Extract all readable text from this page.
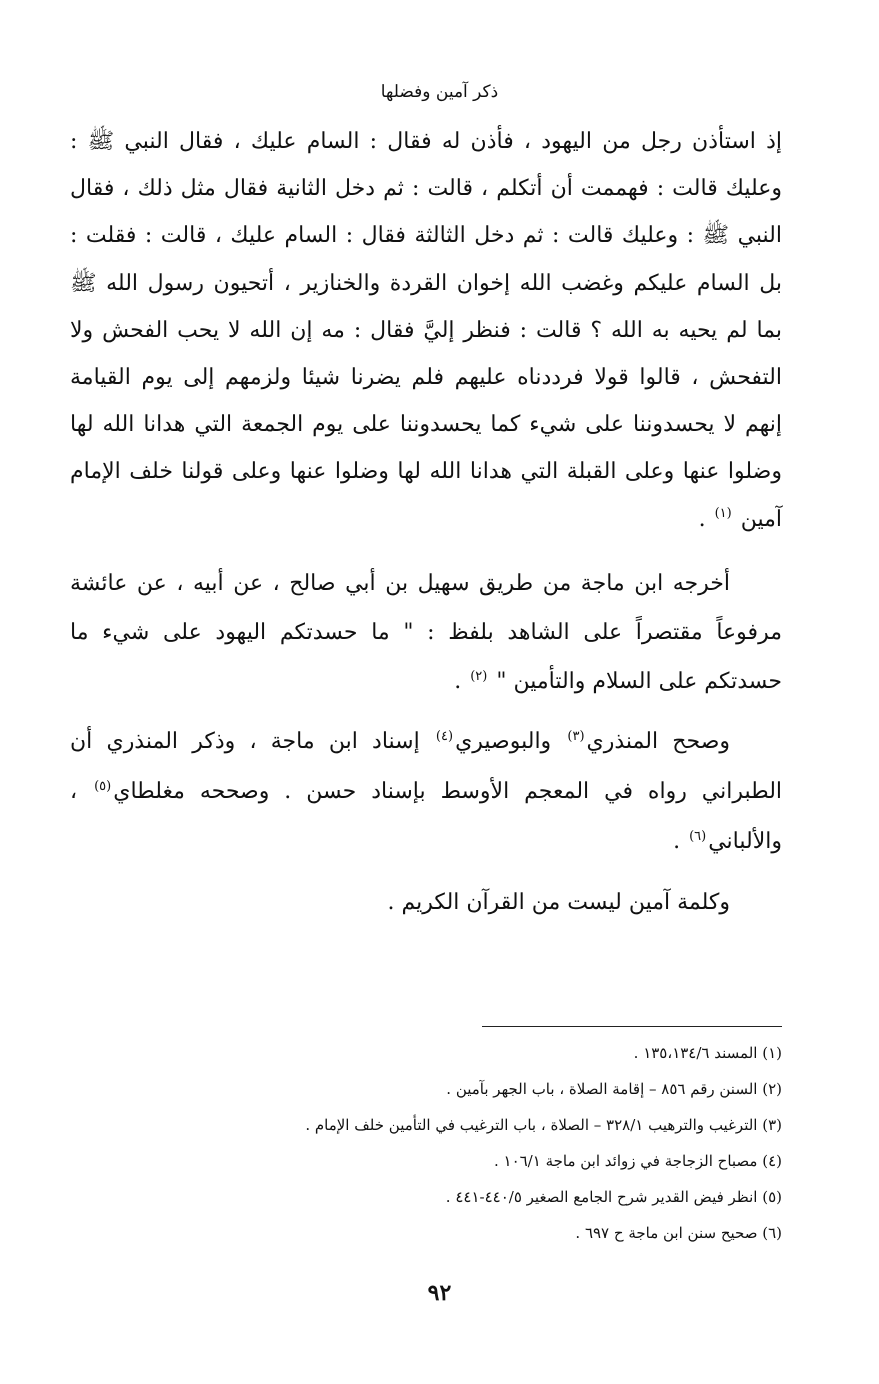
ذكر آمين وفضلها

إذ استأذن رجل من اليهود ، فأذن له فقال : السام عليك ، فقال النبي ﷺ : وعليك قالت : فهممت أن أتكلم ، قالت : ثم دخل الثانية فقال مثل ذلك ، فقال النبي ﷺ : وعليك قالت : ثم دخل الثالثة فقال : السام عليك ، قالت : فقلت : بل السام عليكم وغضب الله إخوان القردة والخنازير ، أتحيون رسول الله ﷺ بما لم يحيه به الله ؟ قالت : فنظر إليَّ فقال : مه إن الله لا يحب الفحش ولا التفحش ، قالوا قولا فرددناه عليهم فلم يضرنا شيئا ولزمهم إلى يوم القيامة إنهم لا يحسدوننا على شيء كما يحسدوننا على يوم الجمعة التي هدانا الله لها وضلوا عنها وعلى القبلة التي هدانا الله لها وضلوا عنها وعلى قولنا خلف الإمام آمين $^{(١)}$ .

أخرجه ابن ماجة من طريق سهيل بن أبي صالح ، عن أبيه ، عن عائشة مرفوعاً مقتصراً على الشاهد بلفظ : " ما حسدتكم اليهود على شيء ما حسدتكم على السلام والتأمين " $^{(٢)}$ .

وصحح المنذري$^{(٣)}$ والبوصيري$^{(٤)}$ إسناد ابن ماجة ، وذكر المنذري أن الطبراني رواه في المعجم الأوسط بإسناد حسن . وصححه مغلطاي$^{(٥)}$ ، والألباني$^{(٦)}$ .

وكلمة آمين ليست من القرآن الكريم .

(١) المسند ١٣٥،١٣٤/٦ .
(٢) السنن رقم ٨٥٦ – إقامة الصلاة ، باب الجهر بآمين .
(٣) الترغيب والترهيب ٣٢٨/١ – الصلاة ، باب الترغيب في التأمين خلف الإمام .
(٤) مصباح الزجاجة في زوائد ابن ماجة ١٠٦/١ .
(٥) انظر فيض القدير شرح الجامع الصغير ٤٤٠/٥-٤٤١ .
(٦) صحيح سنن ابن ماجة ح ٦٩٧ .
٩٢
